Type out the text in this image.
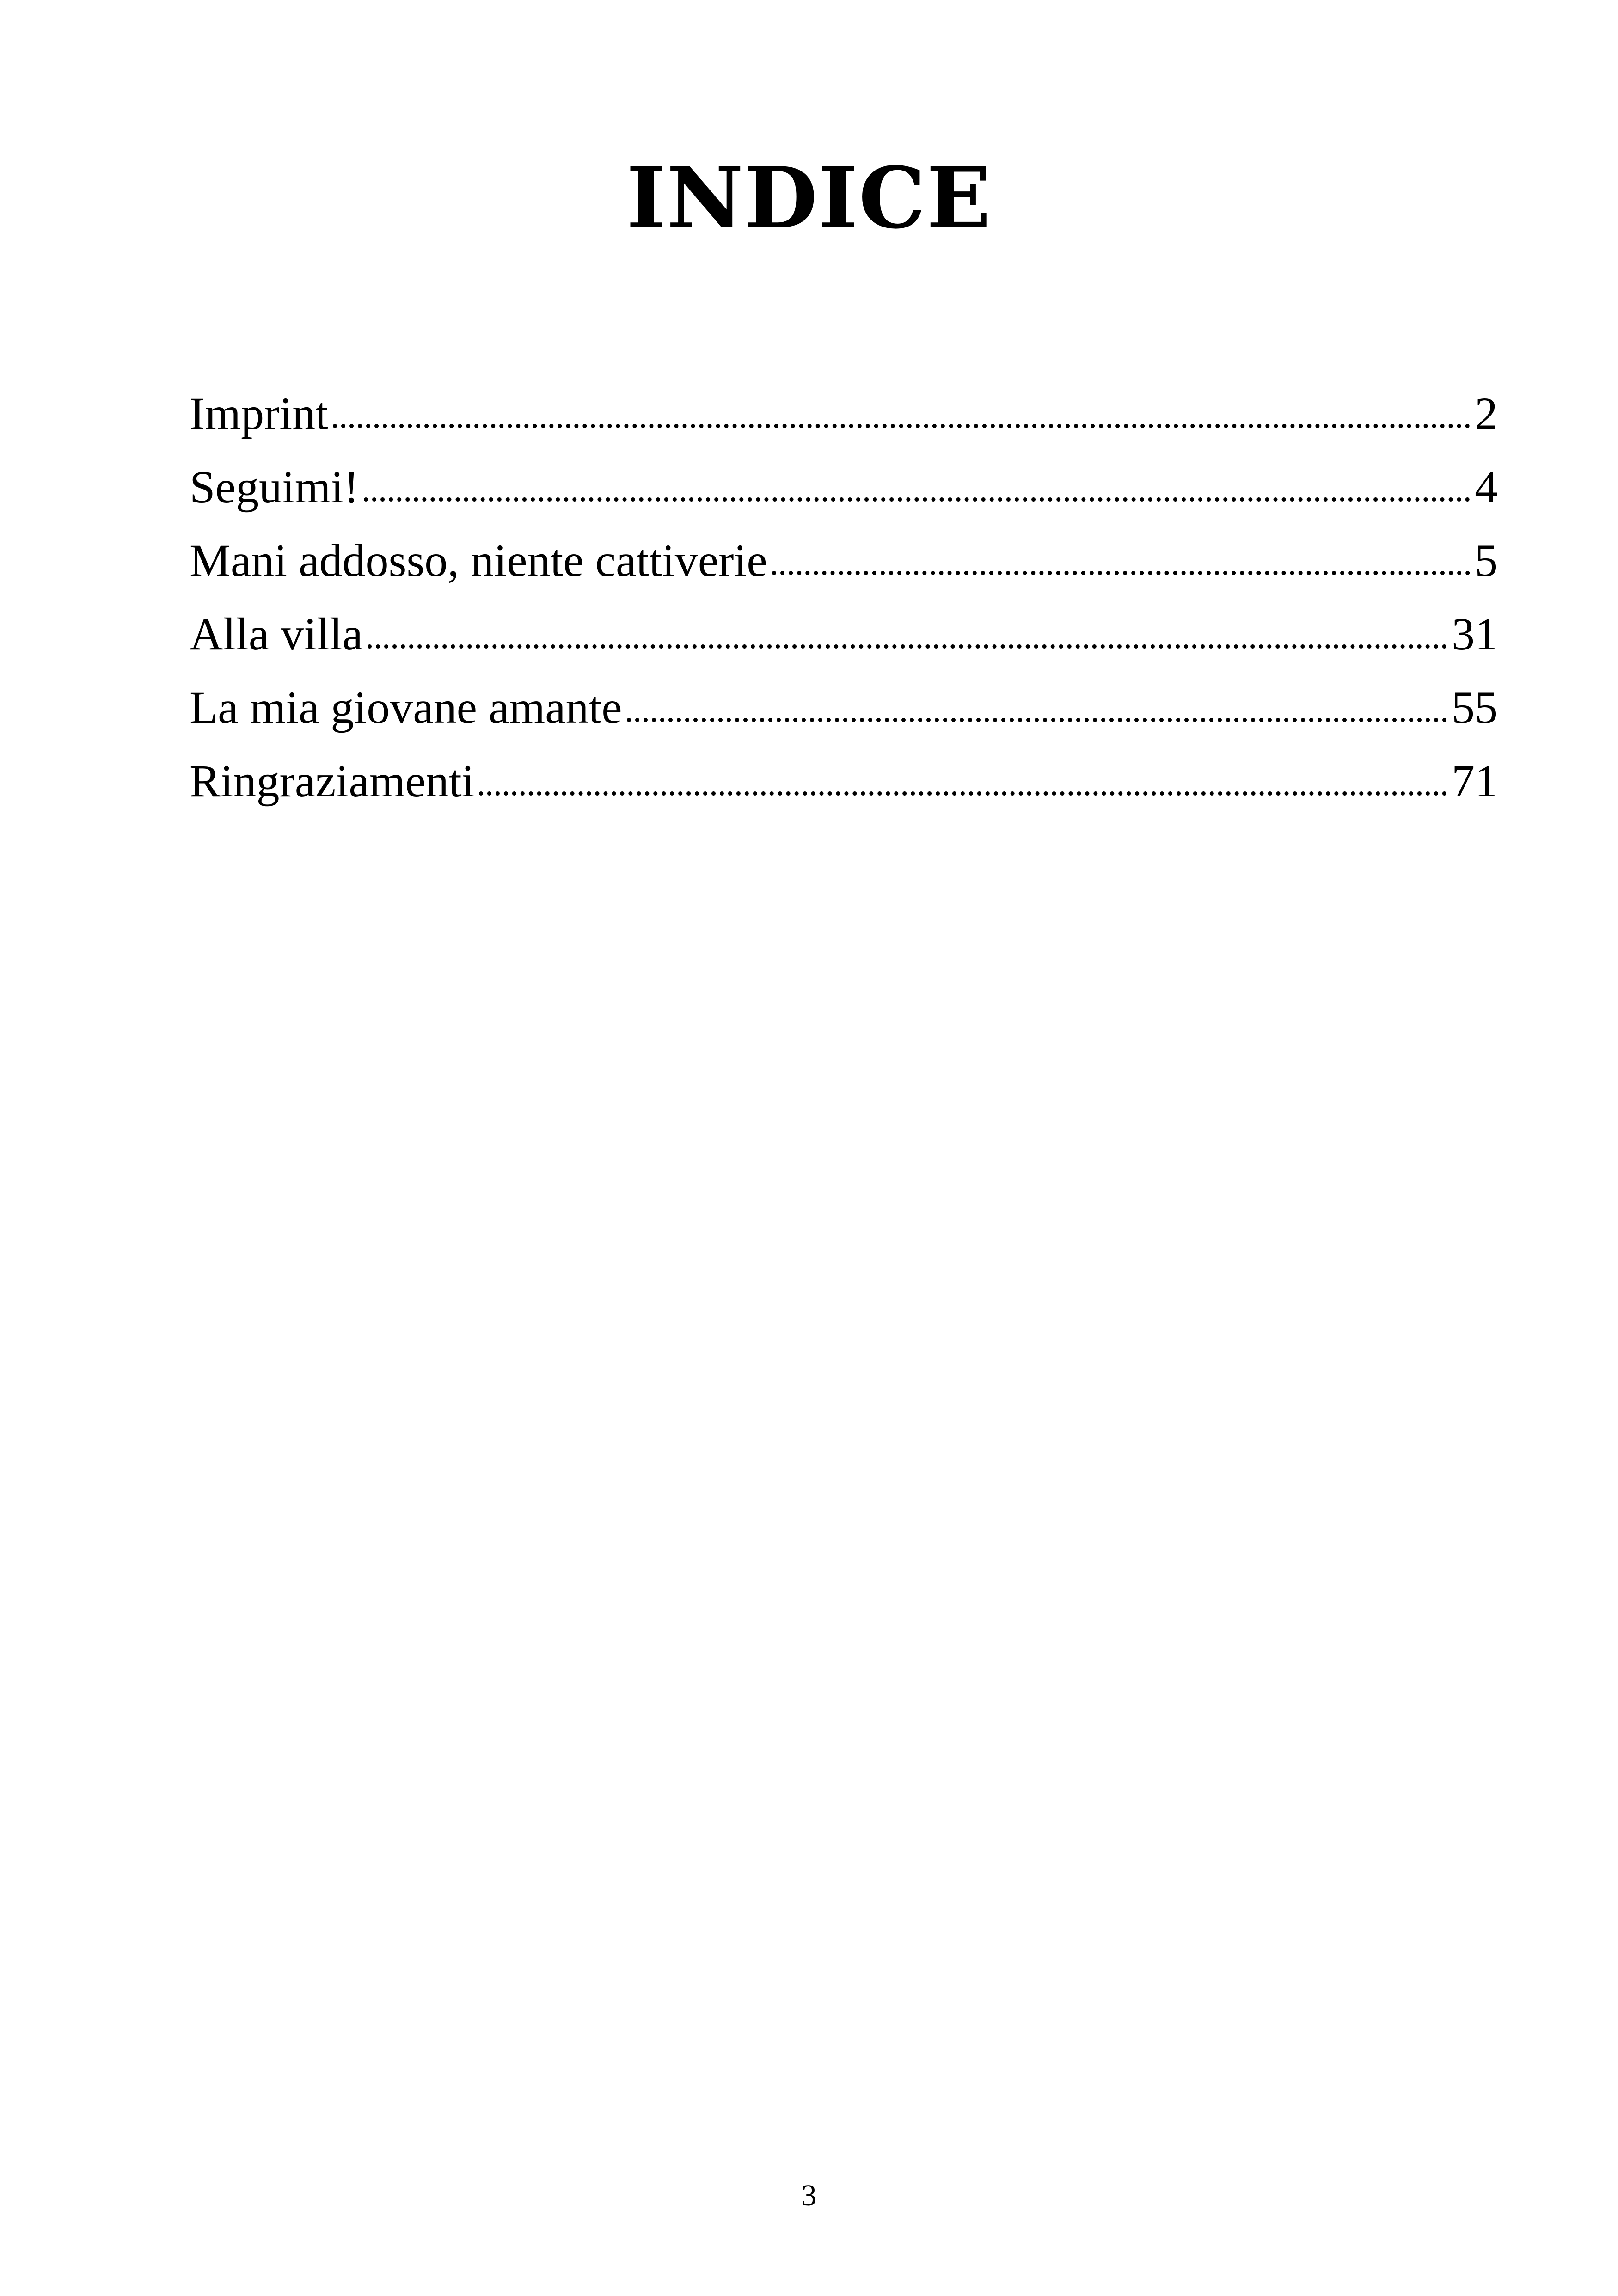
INDICE
Imprint	2
Seguimi!	4
Mani addosso, niente cattiverie	5
Alla villa	31
La mia giovane amante	55
Ringraziamenti	71
3
